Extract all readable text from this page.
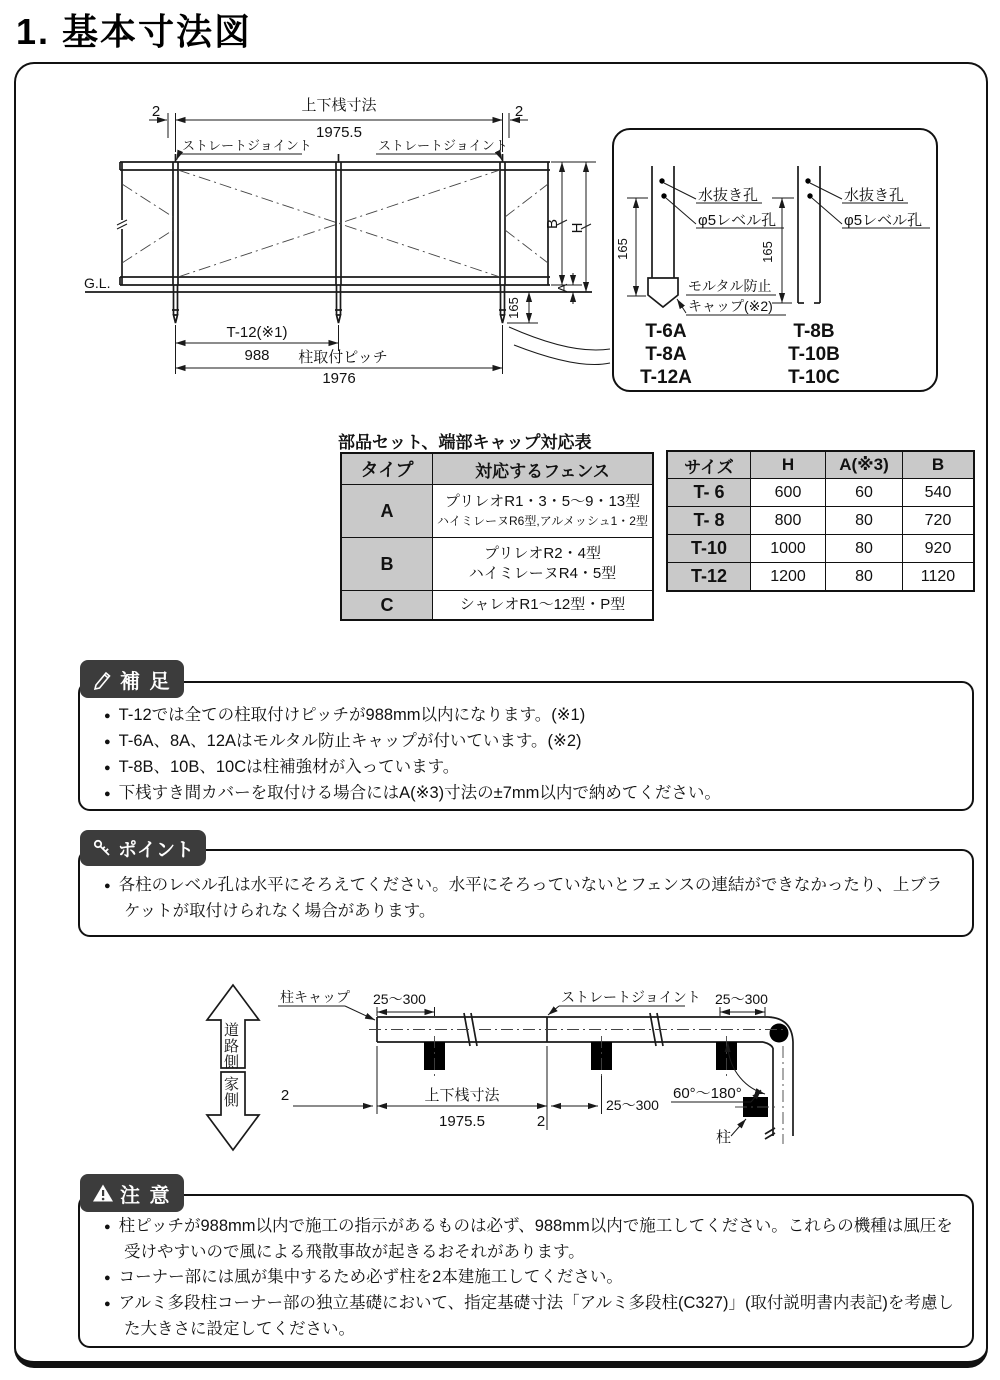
1. 基本寸法図
2	2
上下桟寸法
1975.5
ストレートジョイント	ストレートジョイント
G.L.
B H
A
165
T-12(※1)
988 柱取付ピッチ
1976
165	165
水抜き孔
φ5レベル孔
水抜き孔
φ5レベル孔
モルタル防止
キャップ(※2)
T-6A
T-8A
T-12A
T-8B
T-10B
T-10C
部品セット、端部キャップ対応表
タイプ	対応するフェンス
A	プリレオR1・3・5〜9・13型
ハイミレーヌR6型,アルメッシュ1・2型

B	プリレオR2・4型
ハイミレーヌR4・5型

C	シャレオR1〜12型・P型
サイズ	H	A(※3)	B
T- 6	600	60	540
T- 8	800	80	720
T-10	1000	80	920
T-12	1200	80	1120
補 足
● T-12では全ての柱取付けピッチが988mm以内になります。(※1)
● T-6A、8A、12Aはモルタル防止キャップが付いています。(※2)
● T-8B、10B、10Cは柱補強材が入っています。
● 下桟すき間カバーを取付ける場合にはA(※3)寸法の±7mm以内で納めてください。
ポイント
● 各柱のレベル孔は水平にそろえてください。水平にそろっていないとフェンスの連結ができなかったり、上ブラケットが取付けられなく場合があります。
柱キャップ 25〜300	ストレートジョイント 25〜300
2	上下桟寸法
1975.5	2
25〜300
60°〜180°
柱
道路側
家側
注 意
● 柱ピッチが988mm以内で施工の指示があるものは必ず、988mm以内で施工してください。これらの機種は風圧を受けやすいので風による飛散事故が起きるおそれがあります。
● コーナー部には風が集中するため必ず柱を2本建施工してください。
● アルミ多段柱コーナー部の独立基礎において、指定基礎寸法「アルミ多段柱(C327)」(取付説明書内表記)を考慮した大きさに設定してください。
